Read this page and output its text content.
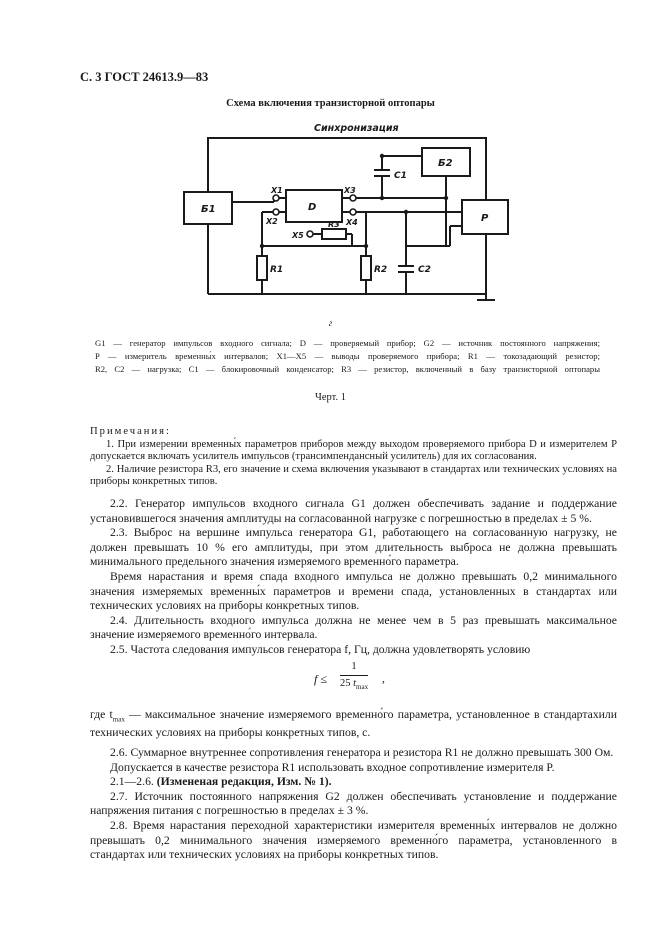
С. 3 ГОСТ 24613.9—83
Схема включения транзисторной оптопары
Синхронизация
Б1
X1
D
X2
R1
X3
X4
С1
Б2
P
X5
R3
R2	С2
г
G1 — генератор импульсов входного сигнала; D — проверяемый прибор; G2 — источник постоянного напряжения;
P — измеритель временны́х интервалов; X1—X5 — выводы проверяемого прибора; R1 — токозадающий резистор;
R2, C2 — нагрузка; C1 — блокировочный конденсатор; R3 — резистор, включенный в базу транзисторной оптопары
Черт. 1

Примечания:

1. При измерении временны́х параметров приборов между выходом проверяемого прибора D и измерителем P допускается включать усилитель импульсов (трансимпендансный усилитель) для их согласования.

2. Наличие резистора R3, его значение и схема включения указывают в стандартах или технических условиях на приборы конкретных типов.

2.2. Генератор импульсов входного сигнала G1 должен обеспечивать задание и поддержание установившегося значения амплитуды на согласованной нагрузке с погрешностью в пределах ± 5 %.

2.3. Выброс на вершине импульса генератора G1, работающего на согласованную нагрузку, не должен превышать 10 % его амплитуды, при этом длительность выброса не должна превышать минимального предельного значения измеряемого временно́го параметра.

Время нарастания и время спада входного импульса не должно превышать 0,2 минимального значения измеряемых временны́х параметров и времени спада, установленных в стандартах или технических условиях на приборы конкретных типов.

2.4. Длительность входного импульса должна не менее чем в 5 раз превышать максимальное значение измеряемого временно́го интервала.

2.5. Частота следования импульсов генератора f, Гц, должна удовлетворять условию

f ≤
1
25 $t_{max}$
,

где $t_{max}$ — максимальное значение измеряемого временно́го параметра, установленное в стандартахили технических условиях на приборы конкретных типов, с.

2.6. Суммарное внутреннее сопротивления генератора и резистора R1 не должно превышать 300 Ом.

Допускается в качестве резистора R1 использовать входное сопротивление измерителя P.

2.1—2.6. (Измененая редакция, Изм. № 1).

2.7. Источник постоянного напряжения G2 должен обеспечивать установление и поддержание напряжения питания с погрешностью в пределах ± 3 %.

2.8. Время нарастания переходной характеристики измерителя временны́х интервалов не должно превышать 0,2 минимального значения измеряемого временно́го параметра, установленного в стандартах или технических условиях на приборы конкретных типов.
